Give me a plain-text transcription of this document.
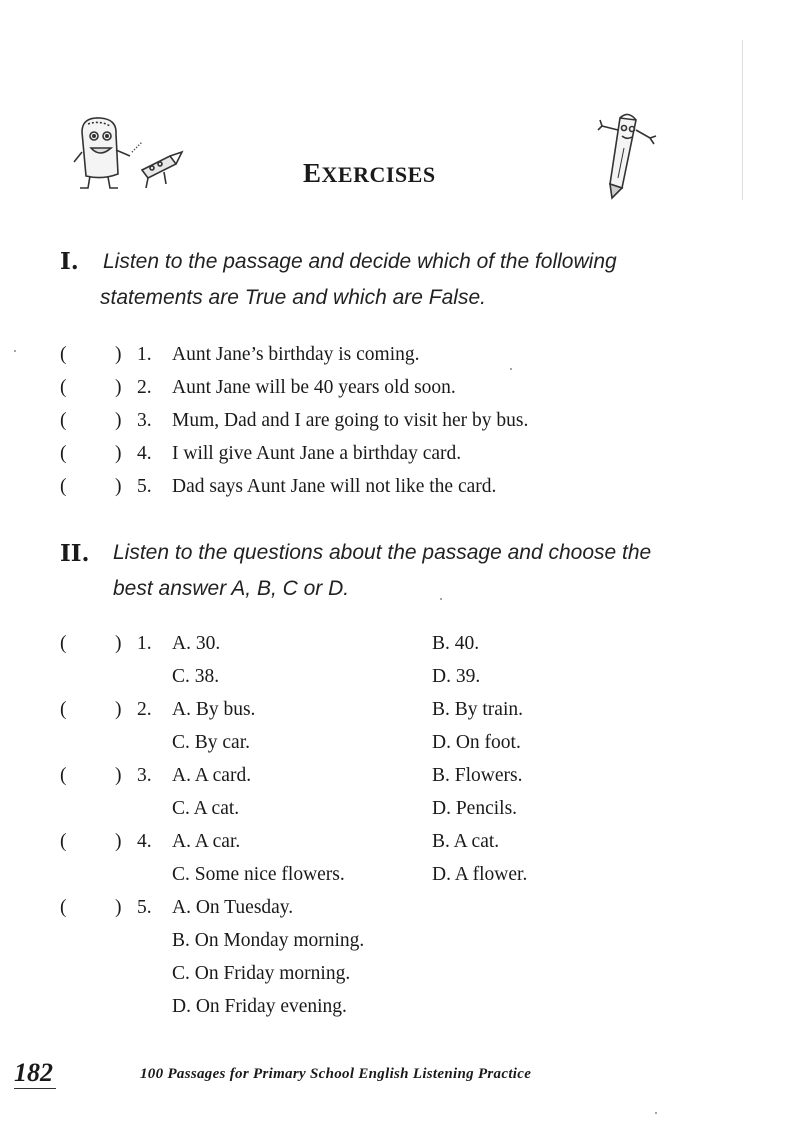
EXERCISES
I. Listen to the passage and decide which of the following
statements are True and which are False.
( ) 1. Aunt Jane’s birthday is coming.
( ) 2. Aunt Jane will be 40 years old soon.
( ) 3. Mum, Dad and I are going to visit her by bus.
( ) 4. I will give Aunt Jane a birthday card.
( ) 5. Dad says Aunt Jane will not like the card.
II. Listen to the questions about the passage and choose the
best answer A, B, C or D.
( ) 1. A. 30.	B. 40.
C. 38.	D. 39.
( ) 2. A. By bus.	B. By train.
C. By car.	D. On foot.
( ) 3. A. A card.	B. Flowers.
C. A cat.	D. Pencils.
( ) 4. A. A car.	B. A cat.
C. Some nice flowers.	D. A flower.
( ) 5. A. On Tuesday.
B. On Monday morning.
C. On Friday morning.
D. On Friday evening.
182	100 Passages for Primary School English Listening Practice
